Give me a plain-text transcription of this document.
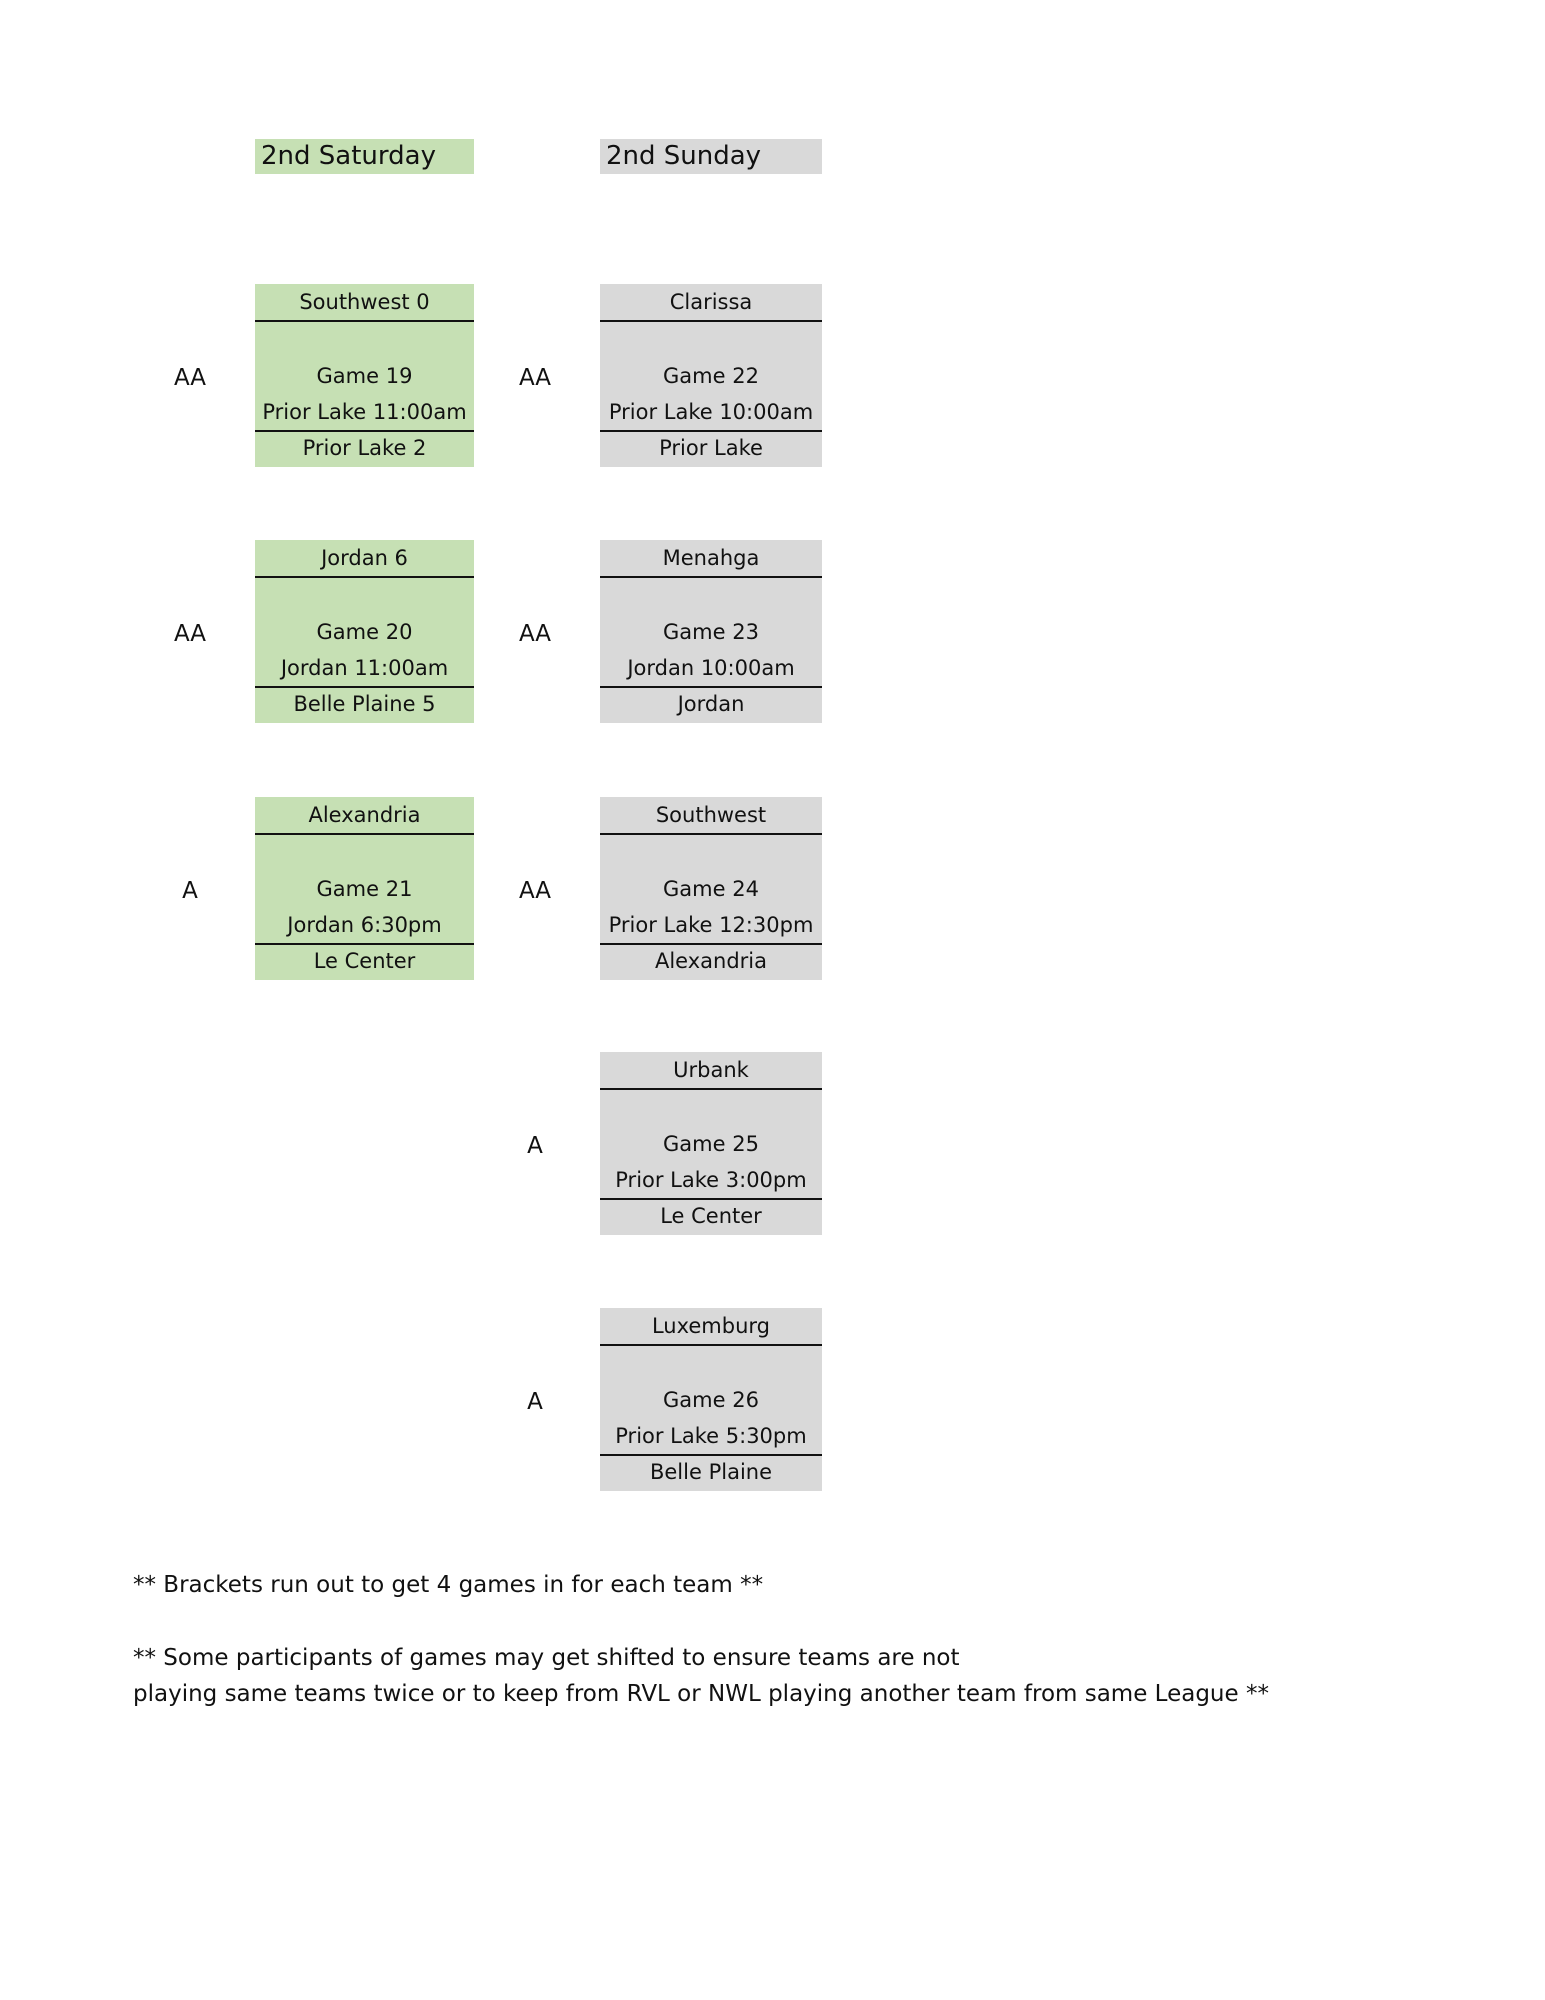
2nd Saturday	2nd Sunday
AA
Southwest 0
Game 19
Prior Lake 11:00am
Prior Lake 2
AA
Jordan 6
Game 20
Jordan 11:00am
Belle Plaine 5
A
Alexandria
Game 21
Jordan 6:30pm
Le Center
AA
Clarissa
Game 22
Prior Lake 10:00am
Prior Lake
AA
Menahga
Game 23
Jordan 10:00am
Jordan
AA
Southwest
Game 24
Prior Lake 12:30pm
Alexandria
A
Urbank
Game 25
Prior Lake 3:00pm
Le Center
A
Luxemburg
Game 26
Prior Lake 5:30pm
Belle Plaine
** Brackets run out to get 4 games in for each team **
** Some participants of games may get shifted to ensure teams are not
playing same teams twice or to keep from RVL or NWL playing another team from same League **
